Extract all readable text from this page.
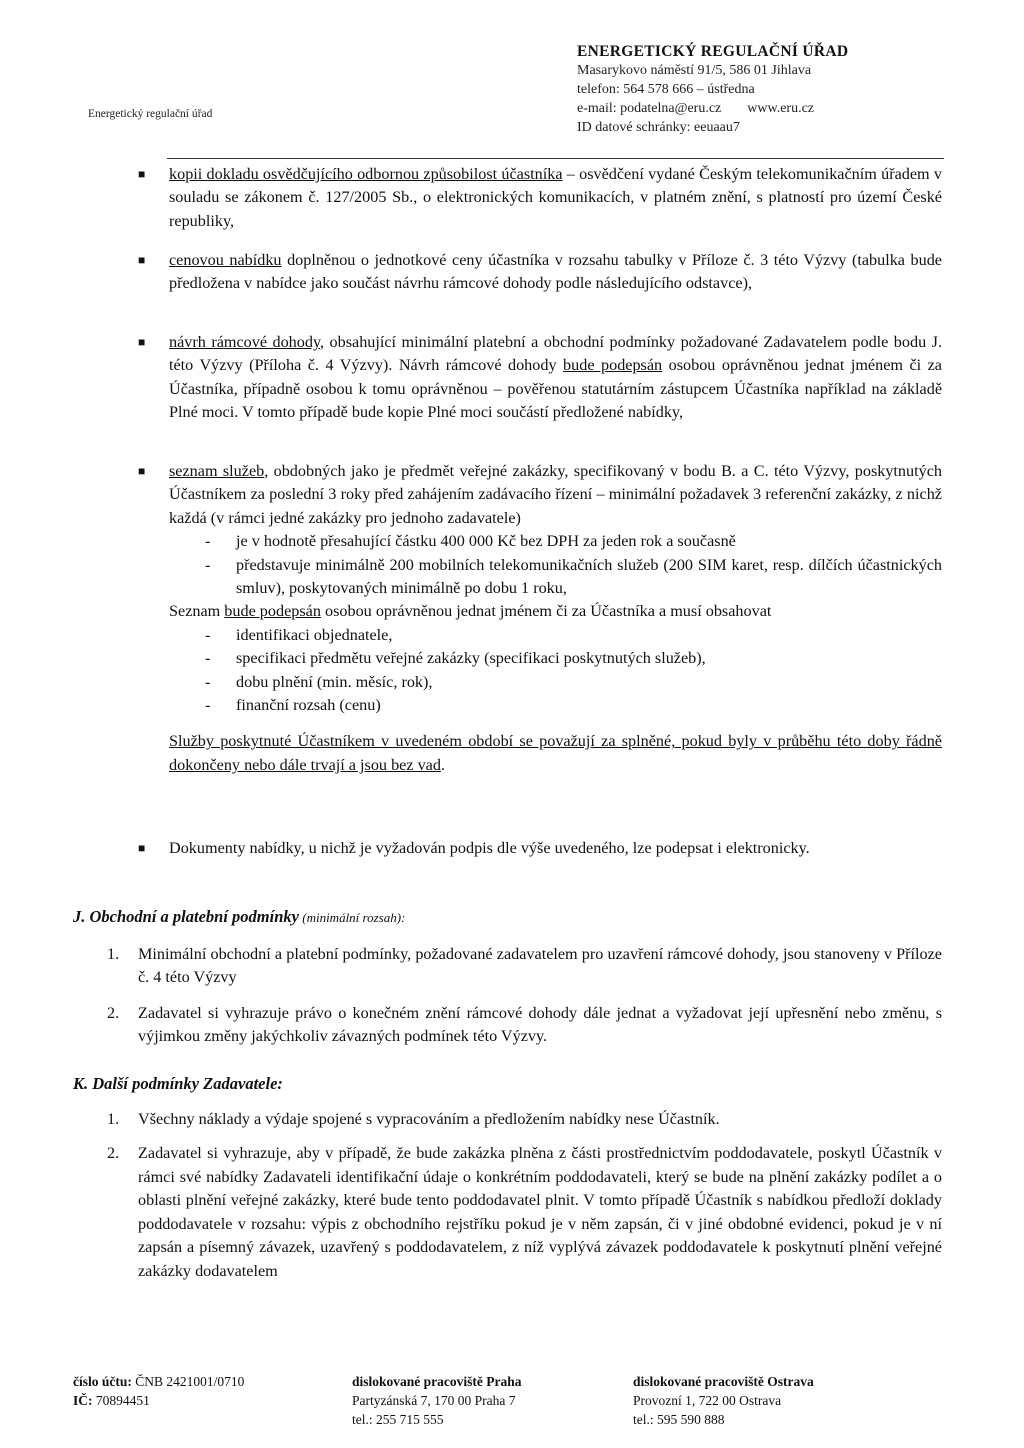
Energetický regulační úřad
ENERGETICKÝ REGULAČNÍ ÚŘAD
Masarykovo náměstí 91/5, 586 01 Jihlava
telefon: 564 578 666 – ústředna
e-mail: podatelna@eru.cz www.eru.cz
ID datové schránky: eeuaau7
■ kopii dokladu osvědčujícího odbornou způsobilost účastníka – osvědčení vydané Českým telekomunikačním úřadem v souladu se zákonem č. 127/2005 Sb., o elektronických komunikacích, v platném znění, s platností pro území České republiky,
■ cenovou nabídku doplněnou o jednotkové ceny účastníka v rozsahu tabulky v Příloze č. 3 této Výzvy (tabulka bude předložena v nabídce jako součást návrhu rámcové dohody podle následujícího odstavce),
■ návrh rámcové dohody, obsahující minimální platební a obchodní podmínky požadované Zadavatelem podle bodu J. této Výzvy (Příloha č. 4 Výzvy). Návrh rámcové dohody bude podepsán osobou oprávněnou jednat jménem či za Účastníka, případně osobou k tomu oprávněnou – pověřenou statutárním zástupcem Účastníka například na základě Plné moci. V tomto případě bude kopie Plné moci součástí předložené nabídky,
■ seznam služeb, obdobných jako je předmět veřejné zakázky, specifikovaný v bodu B. a C. této Výzvy, poskytnutých Účastníkem za poslední 3 roky před zahájením zadávacího řízení – minimální požadavek 3 referenční zakázky, z nichž každá (v rámci jedné zakázky pro jednoho zadavatele)
- je v hodnotě přesahující částku 400 000 Kč bez DPH za jeden rok a současně
- představuje minimálně 200 mobilních telekomunikačních služeb (200 SIM karet, resp. dílčích účastnických smluv), poskytovaných minimálně po dobu 1 roku,
Seznam bude podepsán osobou oprávněnou jednat jménem či za Účastníka a musí obsahovat
- identifikaci objednatele,
- specifikaci předmětu veřejné zakázky (specifikaci poskytnutých služeb),
- dobu plnění (min. měsíc, rok),
- finanční rozsah (cenu)
Služby poskytnuté Účastníkem v uvedeném období se považují za splněné, pokud byly v průběhu této doby řádně dokončeny nebo dále trvají a jsou bez vad.
■ Dokumenty nabídky, u nichž je vyžadován podpis dle výše uvedeného, lze podepsat i elektronicky.
J. Obchodní a platební podmínky (minimální rozsah):
1. Minimální obchodní a platební podmínky, požadované zadavatelem pro uzavření rámcové dohody, jsou stanoveny v Příloze č. 4 této Výzvy
2. Zadavatel si vyhrazuje právo o konečném znění rámcové dohody dále jednat a vyžadovat její upřesnění nebo změnu, s výjimkou změny jakýchkoliv závazných podmínek této Výzvy.
K. Další podmínky Zadavatele:
1. Všechny náklady a výdaje spojené s vypracováním a předložením nabídky nese Účastník.
2. Zadavatel si vyhrazuje, aby v případě, že bude zakázka plněna z části prostřednictvím poddodavatele, poskytl Účastník v rámci své nabídky Zadavateli identifikační údaje o konkrétním poddodavateli, který se bude na plnění zakázky podílet a o oblasti plnění veřejné zakázky, které bude tento poddodavatel plnit. V tomto případě Účastník s nabídkou předloží doklady poddodavatele v rozsahu: výpis z obchodního rejstříku pokud je v něm zapsán, či v jiné obdobné evidenci, pokud je v ní zapsán a písemný závazek, uzavřený s poddodavatelem, z níž vyplývá závazek poddodavatele k poskytnutí plnění veřejné zakázky dodavatelem
číslo účtu: ČNB 2421001/0710
IČ: 70894451
dislokované pracoviště Praha
Partyzánská 7, 170 00 Praha 7
tel.: 255 715 555
dislokované pracoviště Ostrava
Provozní 1, 722 00 Ostrava
tel.: 595 590 888
